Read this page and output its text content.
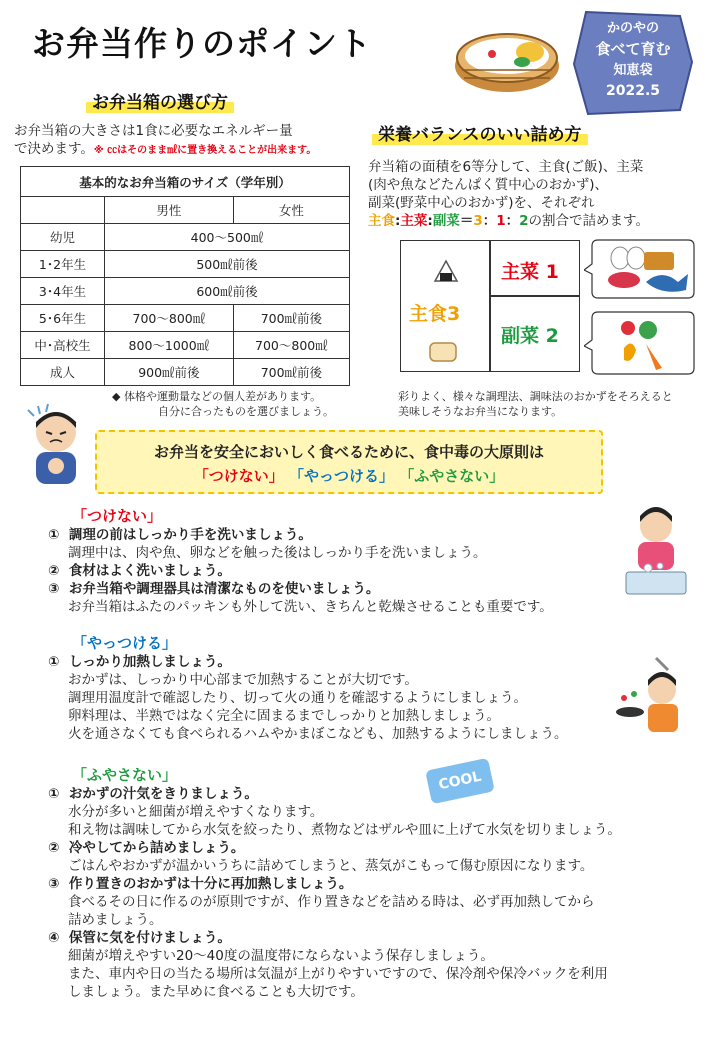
お弁当作りのポイント	かのやの
食べて育む
知恵袋
2022.5
お弁当箱の選び方
お弁当箱の大きさは1食に必要なエネルギー量
で決めます。※ ㏄はそのまま㎖に置き換えることが出来ます。
基本的なお弁当箱のサイズ（学年別）		
	男性	女性
幼児	400～500㎖	
1･2年生	500㎖前後	
3･4年生	600㎖前後	
5･6年生	700～800㎖	700㎖前後
中･高校生	800～1000㎖	700～800㎖
成人	900㎖前後	700㎖前後
◆ 体格や運動量などの個人差があります。
自分に合ったものを選びましょう。
栄養バランスのいい詰め方
弁当箱の面積を6等分して、主食(ご飯)、主菜
(肉や魚などたんぱく質中心のおかず)、
副菜(野菜中心のおかず)を、それぞれ
主食:主菜:副菜＝3：1：2の割合で詰めます。
主食3
主菜 1
副菜 2
彩りよく、様々な調理法、調味法のおかずをそろえると
美味しそうなお弁当になります。
お弁当を安全においしく食べるために、食中毒の大原則は
「つけない」 「やっつける」 「ふやさない」
「つけない」
① 調理の前はしっかり手を洗いましょう。
調理中は、肉や魚、卵などを触った後はしっかり手を洗いましょう。
② 食材はよく洗いましょう。
③ お弁当箱や調理器具は清潔なものを使いましょう。
お弁当箱はふたのパッキンも外して洗い、きちんと乾燥させることも重要です。
「やっつける」
① しっかり加熱しましょう。
おかずは、しっかり中心部まで加熱することが大切です。
調理用温度計で確認したり、切って火の通りを確認するようにしましょう。
卵料理は、半熟ではなく完全に固まるまでしっかりと加熱しましょう。
火を通さなくても食べられるハムやかまぼこなども、加熱するようにしましょう。
「ふやさない」	COOL
① おかずの汁気をきりましょう。
水分が多いと細菌が増えやすくなります。
和え物は調味してから水気を絞ったり、煮物などはザルや皿に上げて水気を切りましょう。
② 冷やしてから詰めましょう。
ごはんやおかずが温かいうちに詰めてしまうと、蒸気がこもって傷む原因になります。
③ 作り置きのおかずは十分に再加熱しましょう。
食べるその日に作るのが原則ですが、作り置きなどを詰める時は、必ず再加熱してから
詰めましょう。
④ 保管に気を付けましょう。
細菌が増えやすい20～40度の温度帯にならないよう保存しましょう。
また、車内や日の当たる場所は気温が上がりやすいですので、保冷剤や保冷バックを利用
しましょう。また早めに食べることも大切です。
